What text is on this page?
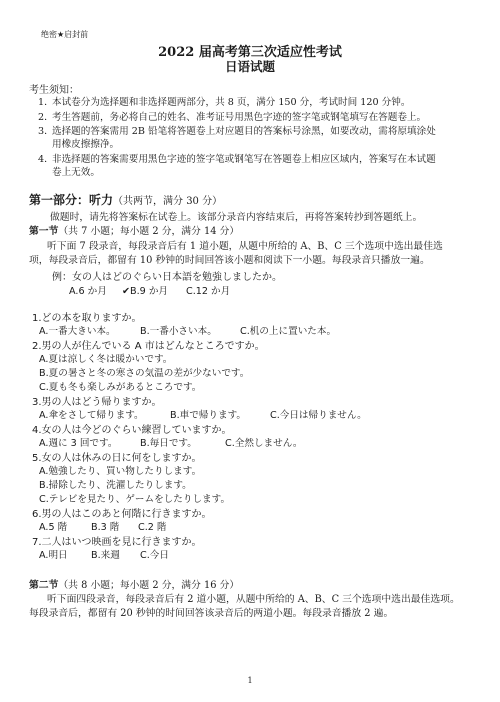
绝密★启封前
2022 届高考第三次适应性考试
日语试题
考生须知：
1．
本试卷分为选择题和非选择题两部分，共 8 页，满分 150 分，考试时间 120 分钟。
2．
考生答题前，务必将自己的姓名、准考证号用黑色字迹的签字笔或钢笔填写在答题卷上。
3．
选择题的答案需用 2B 铅笔将答题卷上对应题目的答案标号涂黑，如要改动，需将原填涂处
用橡皮擦擦净。
4．
非选择题的答案需要用黑色字迹的签字笔或钢笔写在答题卷上相应区域内，答案写在本试题
卷上无效。
第一部分：听力（共两节，满分 30 分）
做题时，请先将答案标在试卷上。该部分录音内容结束后，再将答案转抄到答题纸上。
第一节（共 7 小题；每小题 2 分，满分 14 分）
听下面 7 段录音，每段录音后有 1 道小题，从题中所给的 A、B、C 三个选项中选出最佳选
项，每段录音后，都留有 10 秒钟的时间回答该小题和阅读下一小题。每段录音只播放一遍。
例：女の人はどのぐらい日本語を勉強しましたか。
A.6 か月 ✔B.9 か月 C.12 か月
1.どの本を取りますか。
A.一番大きい本。	B.一番小さい本。 C.机の上に置いた本。
2.男の人が住んでいる A 市はどんなところですか。
A.夏は涼しく冬は暖かいです。
B.夏の暑さと冬の寒さの気温の差が少ないです。
C.夏も冬も楽しみがあるところです。
3.男の人はどう帰りますか。
A.傘をさして帰ります。	B.車で帰ります。 C.今日は帰りません。
4.女の人は今どのぐらい練習していますか。
A.週に 3 回です。 B.毎日です。	C.全然しません。
5.女の人は休みの日に何をしますか。
A.勉強したり、買い物したりします。
B.掃除したり、洗濯したりします。
C.テレビを見たり、ゲームをしたりします。
6.男の人はこのあと何階に行きますか。
A.5 階 B.3 階 C.2 階
7.二人はいつ映画を見に行きますか。
A.明日 B.来週 C.今日
第二节（共 8 小题；每小题 2 分，满分 16 分）
听下面四段录音，每段录音后有 2 道小题，从题中所给的 A、B、C 三个选项中选出最佳选项。
每段录音后，都留有 20 秒钟的时间回答该录音后的两道小题。每段录音播放 2 遍。
1
